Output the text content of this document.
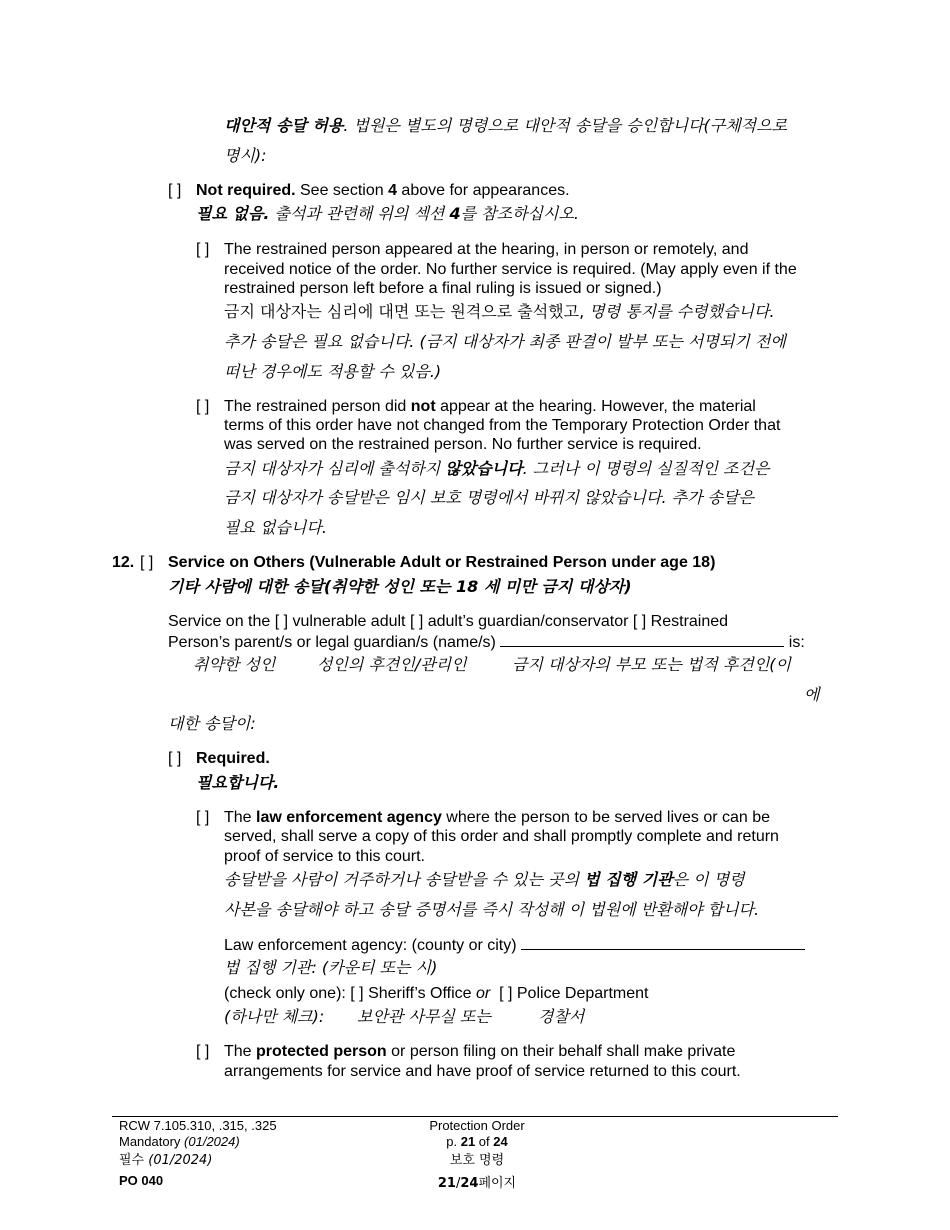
대안적 송달 허용. 법원은 별도의 명령으로 대안적 송달을 승인합니다(구체적으로
명시):
[ ] Not required. See section 4 above for appearances.
필요 없음. 출석과 관련해 위의 섹션 4를 참조하십시오.
[ ] The restrained person appeared at the hearing, in person or remotely, and
received notice of the order. No further service is required. (May apply even if the
restrained person left before a final ruling is issued or signed.)
금지 대상자는 심리에 대면 또는 원격으로 출석했고, 명령 통지를 수령했습니다.
추가 송달은 필요 없습니다. (금지 대상자가 최종 판결이 발부 또는 서명되기 전에
떠난 경우에도 적용할 수 있음.)
[ ] The restrained person did not appear at the hearing. However, the material
terms of this order have not changed from the Temporary Protection Order that
was served on the restrained person. No further service is required.
금지 대상자가 심리에 출석하지 않았습니다. 그러나 이 명령의 실질적인 조건은
금지 대상자가 송달받은 임시 보호 명령에서 바뀌지 않았습니다. 추가 송달은
필요 없습니다.
12. [ ] Service on Others (Vulnerable Adult or Restrained Person under age 18)
기타 사람에 대한 송달(취약한 성인 또는 18 세 미만 금지 대상자)
Service on the [ ] vulnerable adult [ ] adult’s guardian/conservator [ ] Restrained
Person’s parent/s or legal guardian/s (name/s)	is:
취약한 성인	성인의 후견인/관리인	금지 대상자의 부모 또는 법적 후견인(이
에
대한 송달이:
[ ] Required.
필요합니다.
[ ] The law enforcement agency where the person to be served lives or can be
served, shall serve a copy of this order and shall promptly complete and return
proof of service to this court.
송달받을 사람이 거주하거나 송달받을 수 있는 곳의 법 집행 기관은 이 명령
사본을 송달해야 하고 송달 증명서를 즉시 작성해 이 법원에 반환해야 합니다.
Law enforcement agency: (county or city)
법 집행 기관: (카운티 또는 시)
(check only one): [ ] Sheriff’s Office or [ ] Police Department
(하나만 체크): 보안관 사무실 또는	경찰서
[ ] The protected person or person filing on their behalf shall make private
arrangements for service and have proof of service returned to this court.
RCW 7.105.310, .315, .325
Mandatory (01/2024)
필수 (01/2024)
PO 040
Protection Order
p. 21 of 24
보호 명령
21/24페이지
